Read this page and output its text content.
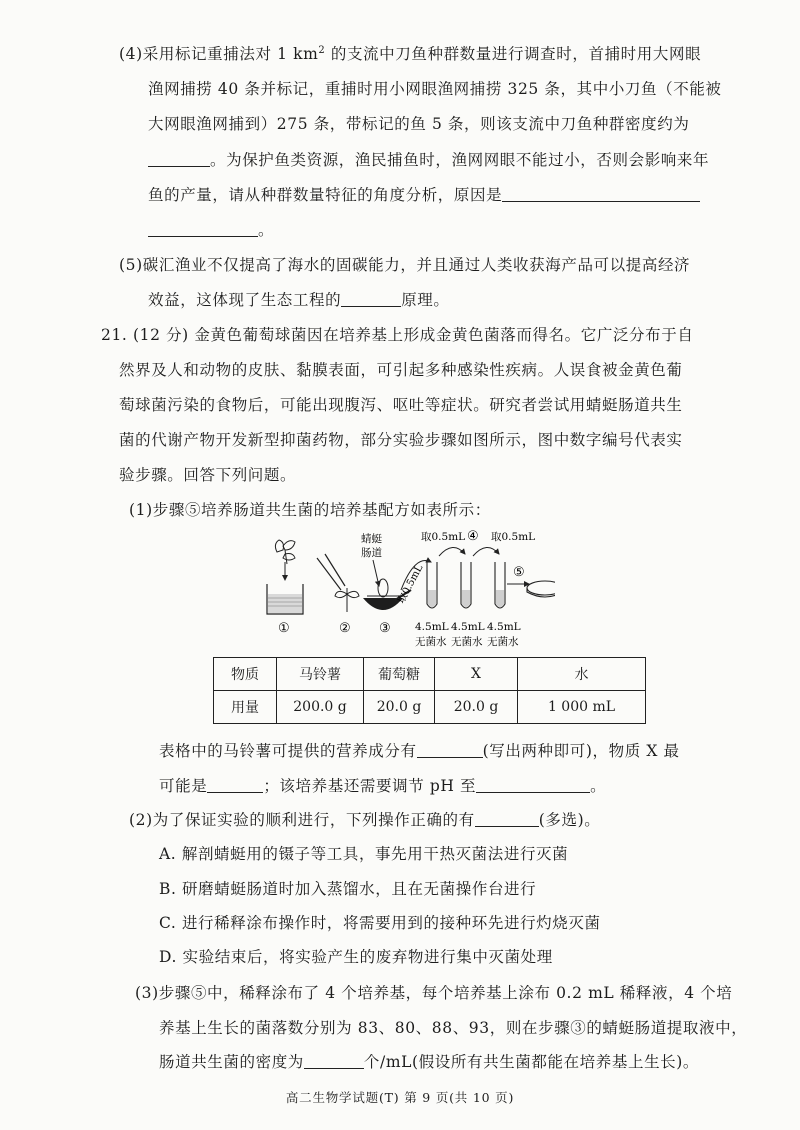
(4)采用标记重捕法对 1 $km^2$ 的支流中刀鱼种群数量进行调查时，首捕时用大网眼
渔网捕捞 40 条并标记，重捕时用小网眼渔网捕捞 325 条，其中小刀鱼（不能被
大网眼渔网捕到）275 条，带标记的鱼 5 条，则该支流中刀鱼种群密度约为
。为保护鱼类资源，渔民捕鱼时，渔网网眼不能过小，否则会影响来年
鱼的产量，请从种群数量特征的角度分析，原因是
。
(5)碳汇渔业不仅提高了海水的固碳能力，并且通过人类收获海产品可以提高经济
效益，这体现了生态工程的	原理。
21. (12 分) 金黄色葡萄球菌因在培养基上形成金黄色菌落而得名。它广泛分布于自
然界及人和动物的皮肤、黏膜表面，可引起多种感染性疾病。人误食被金黄色葡
萄球菌污染的食物后，可能出现腹泻、呕吐等症状。研究者尝试用蜻蜓肠道共生
菌的代谢产物开发新型抑菌药物，部分实验步骤如图所示，图中数字编号代表实
验步骤。回答下列问题。
(1)步骤⑤培养肠道共生菌的培养基配方如表所示：
①	②
蜻蜓
肠道
③
取0.5mL
取0.5mL ④ 取0.5mL
⑤
4.5mL 4.5mL 4.5mL
无菌水 无菌水 无菌水
物质	马铃薯	葡萄糖	X	水
用量	200.0 g	20.0 g	20.0 g	1 000 mL
表格中的马铃薯可提供的营养成分有	(写出两种即可)，物质 X 最
可能是	；该培养基还需要调节 pH 至	。
(2)为了保证实验的顺利进行，下列操作正确的有	(多选)。
A. 解剖蜻蜓用的镊子等工具，事先用干热灭菌法进行灭菌
B. 研磨蜻蜓肠道时加入蒸馏水，且在无菌操作台进行
C. 进行稀释涂布操作时，将需要用到的接种环先进行灼烧灭菌
D. 实验结束后，将实验产生的废弃物进行集中灭菌处理
(3)步骤⑤中，稀释涂布了 4 个培养基，每个培养基上涂布 0.2 mL 稀释液，4 个培
养基上生长的菌落数分别为 83、80、88、93，则在步骤③的蜻蜓肠道提取液中，
肠道共生菌的密度为	个/mL(假设所有共生菌都能在培养基上生长)。
高二生物学试题(T) 第 9 页(共 10 页)
